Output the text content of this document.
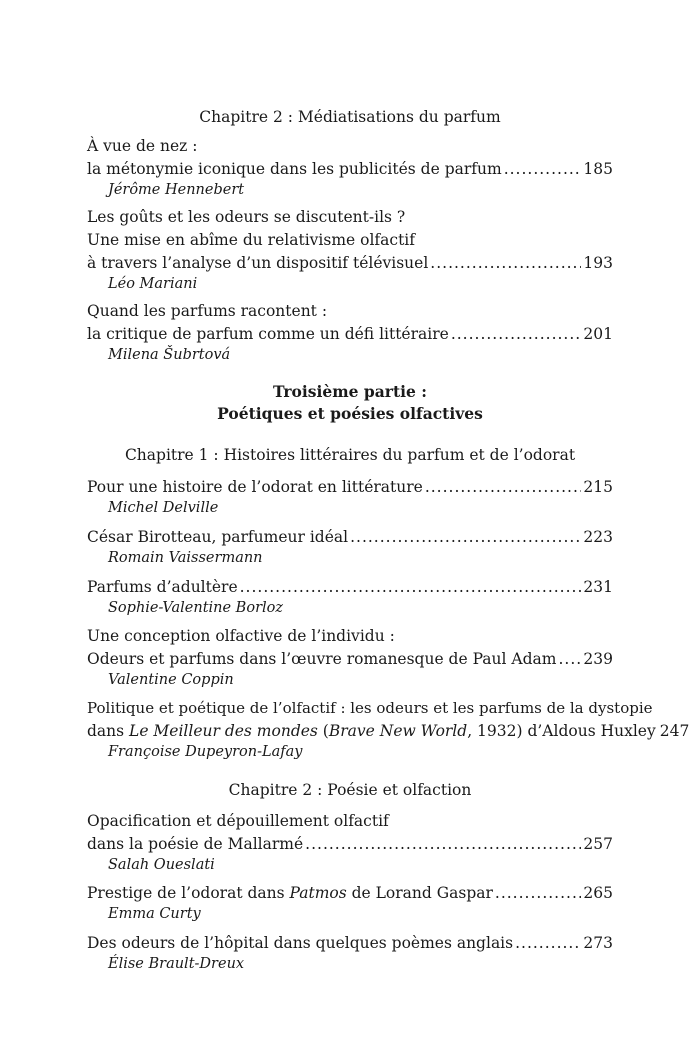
Chapitre 2 : Médiatisations du parfum
À vue de nez :
la métonymie iconique dans les publicités de parfum .....	185
Jérôme Hennebert
Les goûts et les odeurs se discutent-ils ?
Une mise en abîme du relativisme olfactif
à travers l’analyse d’un dispositif télévisuel .....	193
Léo Mariani
Quand les parfums racontent :
la critique de parfum comme un défi littéraire .....	201
Milena Šubrtová
Troisième partie :
Poétiques et poésies olfactives
Chapitre 1 : Histoires littéraires du parfum et de l’odorat
Pour une histoire de l’odorat en littérature .....	215
Michel Delville
César Birotteau, parfumeur idéal .....	223
Romain Vaissermann
Parfums d’adultère .....	231
Sophie-Valentine Borloz
Une conception olfactive de l’individu :
Odeurs et parfums dans l’œuvre romanesque de Paul Adam ..... 239
Valentine Coppin
Politique et poétique de l’olfactif : les odeurs et les parfums de la dystopie
dans Le Meilleur des mondes (Brave New World, 1932) d’Aldous Huxley 247
Françoise Dupeyron-Lafay
Chapitre 2 : Poésie et olfaction
Opacification et dépouillement olfactif
dans la poésie de Mallarmé .....	257
Salah Oueslati
Prestige de l’odorat dans Patmos de Lorand Gaspar .....	265
Emma Curty
Des odeurs de l’hôpital dans quelques poèmes anglais .....	273
Élise Brault-Dreux
